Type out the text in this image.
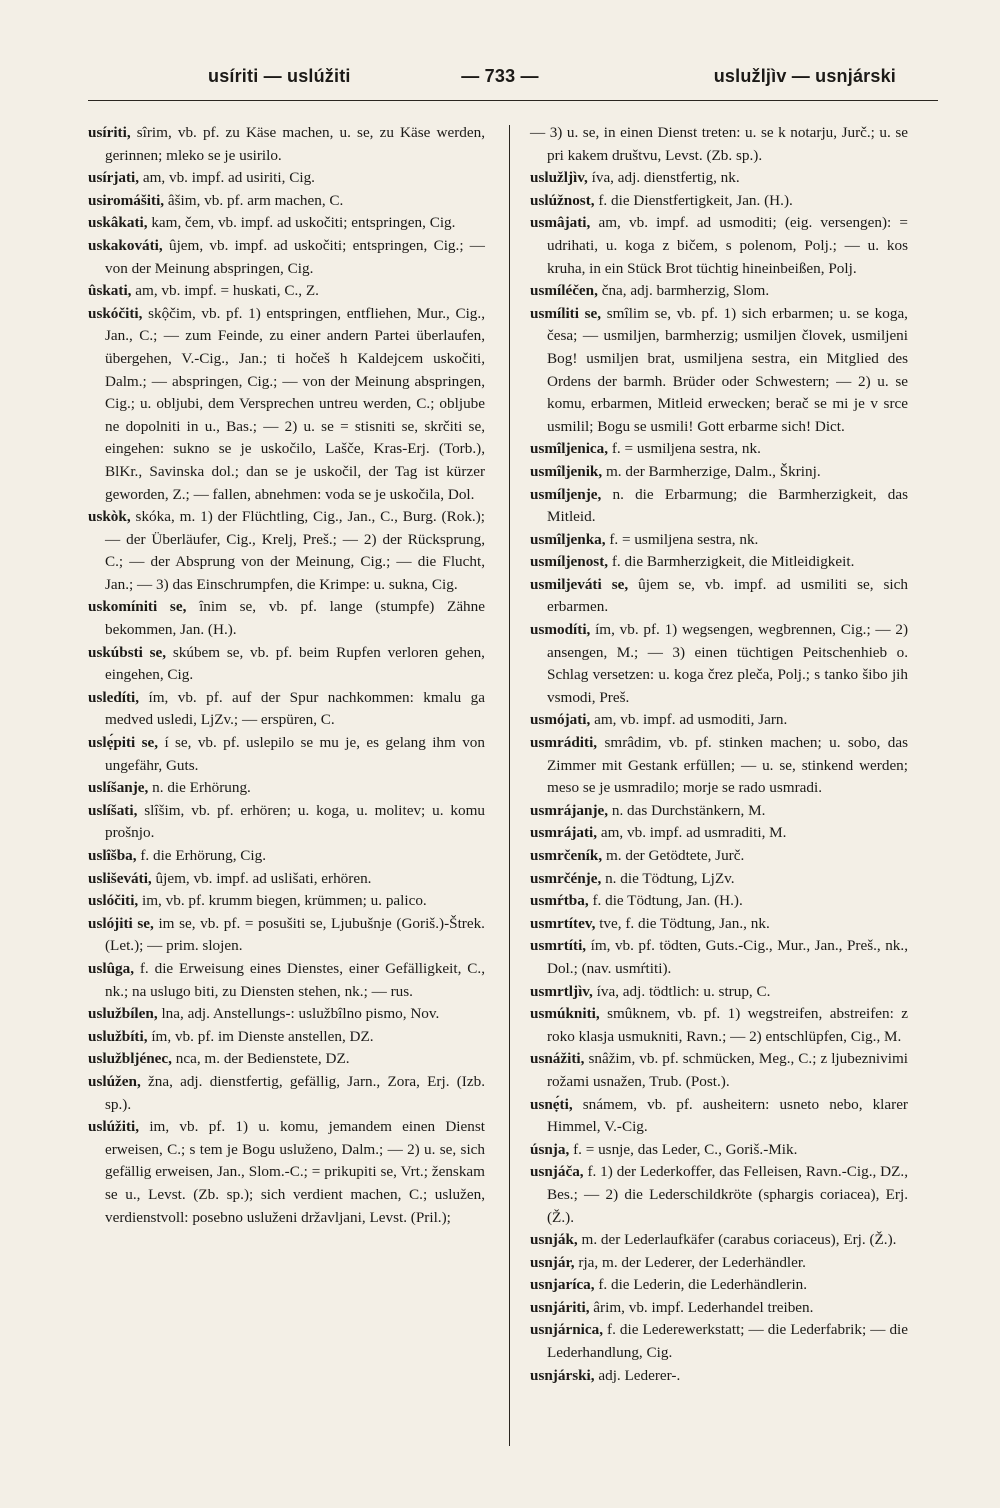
usíriti — uslúžiti	— 733 —	uslužljìv — usnjárski

usíriti, sîrim, vb. pf. zu Käse machen, u. se, zu Käse werden, gerinnen; mleko se je usirilo.

usírjati, am, vb. impf. ad usiriti, Cig.

usiromášiti, âšim, vb. pf. arm machen, C.

uskâkati, kam, čem, vb. impf. ad uskočiti; entspringen, Cig.

uskakováti, ûjem, vb. impf. ad uskočiti; entspringen, Cig.; — von der Meinung abspringen, Cig.

ûskati, am, vb. impf. = huskati, C., Z.

uskóčiti, skộčim, vb. pf. 1) entspringen, entfliehen, Mur., Cig., Jan., C.; — zum Feinde, zu einer andern Partei überlaufen, übergehen, V.-Cig., Jan.; ti hočeš h Kaldejcem uskočiti, Dalm.; — abspringen, Cig.; — von der Meinung abspringen, Cig.; u. obljubi, dem Versprechen untreu werden, C.; obljube ne dopolniti in u., Bas.; — 2) u. se = stisniti se, skrčiti se, eingehen: sukno se je uskočilo, Lašče, Kras-Erj. (Torb.), BlKr., Savinska dol.; dan se je uskočil, der Tag ist kürzer geworden, Z.; — fallen, abnehmen: voda se je uskočila, Dol.

uskòk, skóka, m. 1) der Flüchtling, Cig., Jan., C., Burg. (Rok.); — der Überläufer, Cig., Krelj, Preš.; — 2) der Rücksprung, C.; — der Absprung von der Meinung, Cig.; — die Flucht, Jan.; — 3) das Einschrumpfen, die Krimpe: u. sukna, Cig.

uskomíniti se, înim se, vb. pf. lange (stumpfe) Zähne bekommen, Jan. (H.).

uskúbsti se, skúbem se, vb. pf. beim Rupfen verloren gehen, eingehen, Cig.

usledíti, ím, vb. pf. auf der Spur nachkommen: kmalu ga medved usledi, LjZv.; — erspüren, C.

uslẹ́piti se, í se, vb. pf. uslepilo se mu je, es gelang ihm von ungefähr, Guts.

uslíšanje, n. die Erhörung.

uslíšati, slîšim, vb. pf. erhören; u. koga, u. molitev; u. komu prošnjo.

uslîšba, f. die Erhörung, Cig.

usliševáti, ûjem, vb. impf. ad uslišati, erhören.

uslóčiti, im, vb. pf. krumm biegen, krümmen; u. palico.

uslójiti se, im se, vb. pf. = posušiti se, Ljubušnje (Goriš.)-Štrek. (Let.); — prim. slojen.

uslûga, f. die Erweisung eines Dienstes, einer Gefälligkeit, C., nk.; na uslugo biti, zu Diensten stehen, nk.; — rus.

uslužbílen, lna, adj. Anstellungs-: uslužbîlno pismo, Nov.

uslužbíti, ím, vb. pf. im Dienste anstellen, DZ.

uslužbljénec, nca, m. der Bedienstete, DZ.

uslúžen, žna, adj. dienstfertig, gefällig, Jarn., Zora, Erj. (Izb. sp.).

uslúžiti, im, vb. pf. 1) u. komu, jemandem einen Dienst erweisen, C.; s tem je Bogu usluženo, Dalm.; — 2) u. se, sich gefällig erweisen, Jan., Slom.-C.; = prikupiti se, Vrt.; ženskam se u., Levst. (Zb. sp.); sich verdient machen, C.; uslužen, verdienstvoll: posebno usluženi državljani, Levst. (Pril.);

— 3) u. se, in einen Dienst treten: u. se k notarju, Jurč.; u. se pri kakem društvu, Levst. (Zb. sp.).

uslužljìv, íva, adj. dienstfertig, nk.

uslúžnost, f. die Dienstfertigkeit, Jan. (H.).

usmâjati, am, vb. impf. ad usmoditi; (eig. versengen): = udrihati, u. koga z bičem, s polenom, Polj.; — u. kos kruha, in ein Stück Brot tüchtig hineinbeißen, Polj.

usmíléčen, čna, adj. barmherzig, Slom.

usmíliti se, smîlim se, vb. pf. 1) sich erbarmen; u. se koga, česa; — usmiljen, barmherzig; usmiljen človek, usmiljeni Bog! usmiljen brat, usmiljena sestra, ein Mitglied des Ordens der barmh. Brüder oder Schwestern; — 2) u. se komu, erbarmen, Mitleid erwecken; berač se mi je v srce usmilil; Bogu se usmili! Gott erbarme sich! Dict.

usmîljenica, f. = usmiljena sestra, nk.

usmîljenik, m. der Barmherzige, Dalm., Škrinj.

usmíljenje, n. die Erbarmung; die Barmherzigkeit, das Mitleid.

usmîljenka, f. = usmiljena sestra, nk.

usmíljenost, f. die Barmherzigkeit, die Mitleidigkeit.

usmiljeváti se, ûjem se, vb. impf. ad usmiliti se, sich erbarmen.

usmodíti, ím, vb. pf. 1) wegsengen, wegbrennen, Cig.; — 2) ansengen, M.; — 3) einen tüchtigen Peitschenhieb o. Schlag versetzen: u. koga črez pleča, Polj.; s tanko šibo jih vsmodi, Preš.

usmójati, am, vb. impf. ad usmoditi, Jarn.

usmráditi, smrâdim, vb. pf. stinken machen; u. sobo, das Zimmer mit Gestank erfüllen; — u. se, stinkend werden; meso se je usmradilo; morje se rado usmradi.

usmrájanje, n. das Durchstänkern, M.

usmrájati, am, vb. impf. ad usmraditi, M.

usmrčeník, m. der Getödtete, Jurč.

usmrčénje, n. die Tödtung, LjZv.

usmŕtba, f. die Tödtung, Jan. (H.).

usmrtítev, tve, f. die Tödtung, Jan., nk.

usmrtíti, ím, vb. pf. tödten, Guts.-Cig., Mur., Jan., Preš., nk., Dol.; (nav. usmŕtiti).

usmrtljìv, íva, adj. tödtlich: u. strup, C.

usmúkniti, smûknem, vb. pf. 1) wegstreifen, abstreifen: z roko klasja usmukniti, Ravn.; — 2) entschlüpfen, Cig., M.

usnážiti, snâžim, vb. pf. schmücken, Meg., C.; z ljubeznivimi rožami usnažen, Trub. (Post.).

usnẹ́ti, snámem, vb. pf. ausheitern: usneto nebo, klarer Himmel, V.-Cig.

úsnja, f. = usnje, das Leder, C., Goriš.-Mik.

usnjáča, f. 1) der Lederkoffer, das Felleisen, Ravn.-Cig., DZ., Bes.; — 2) die Lederschildkröte (sphargis coriacea), Erj. (Ž.).

usnják, m. der Lederlaufkäfer (carabus coriaceus), Erj. (Ž.).

usnjár, rja, m. der Lederer, der Lederhändler.

usnjaríca, f. die Lederin, die Lederhändlerin.

usnjáriti, ârim, vb. impf. Lederhandel treiben.

usnjárnica, f. die Lederewerkstatt; — die Lederfabrik; — die Lederhandlung, Cig.

usnjárski, adj. Lederer-.
